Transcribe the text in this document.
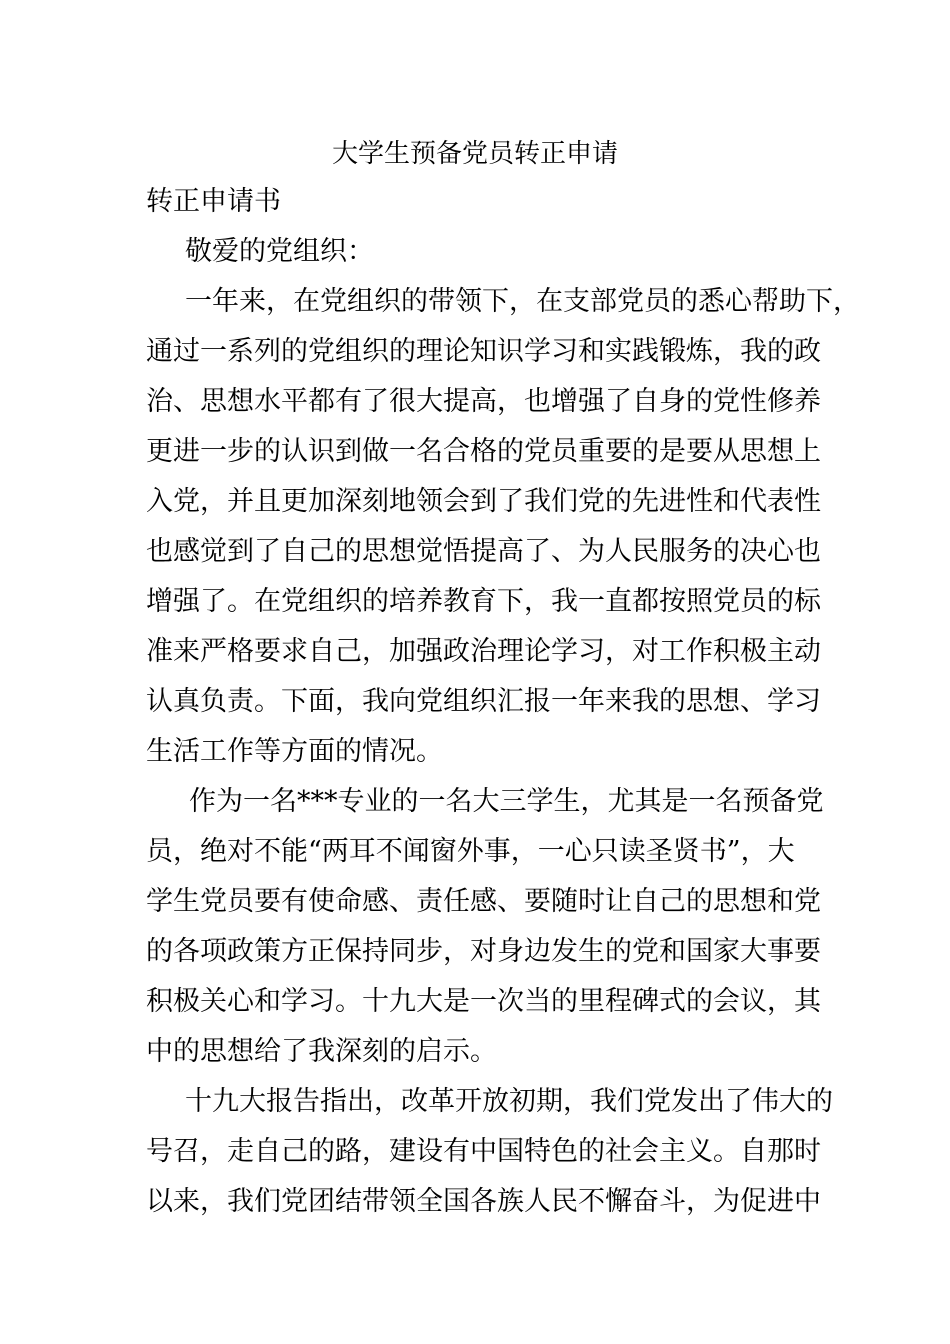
大学生预备党员转正申请
转正申请书
敬爱的党组织：
一年来，在党组织的带领下，在支部党员的悉心帮助下，
通过一系列的党组织的理论知识学习和实践锻炼，我的政
治、思想水平都有了很大提高，也增强了自身的党性修养
更进一步的认识到做一名合格的党员重要的是要从思想上
入党，并且更加深刻地领会到了我们党的先进性和代表性
也感觉到了自己的思想觉悟提高了、为人民服务的决心也
增强了。在党组织的培养教育下，我一直都按照党员的标
准来严格要求自己，加强政治理论学习，对工作积极主动
认真负责。下面，我向党组织汇报一年来我的思想、学习
生活工作等方面的情况。
作为一名***专业的一名大三学生，尤其是一名预备党
员，绝对不能“两耳不闻窗外事，一心只读圣贤书”，大
学生党员要有使命感、责任感、要随时让自己的思想和党
的各项政策方正保持同步，对身边发生的党和国家大事要
积极关心和学习。十九大是一次当的里程碑式的会议，其
中的思想给了我深刻的启示。
十九大报告指出，改革开放初期，我们党发出了伟大的
号召，走自己的路，建设有中国特色的社会主义。自那时
以来，我们党团结带领全国各族人民不懈奋斗，为促进中
